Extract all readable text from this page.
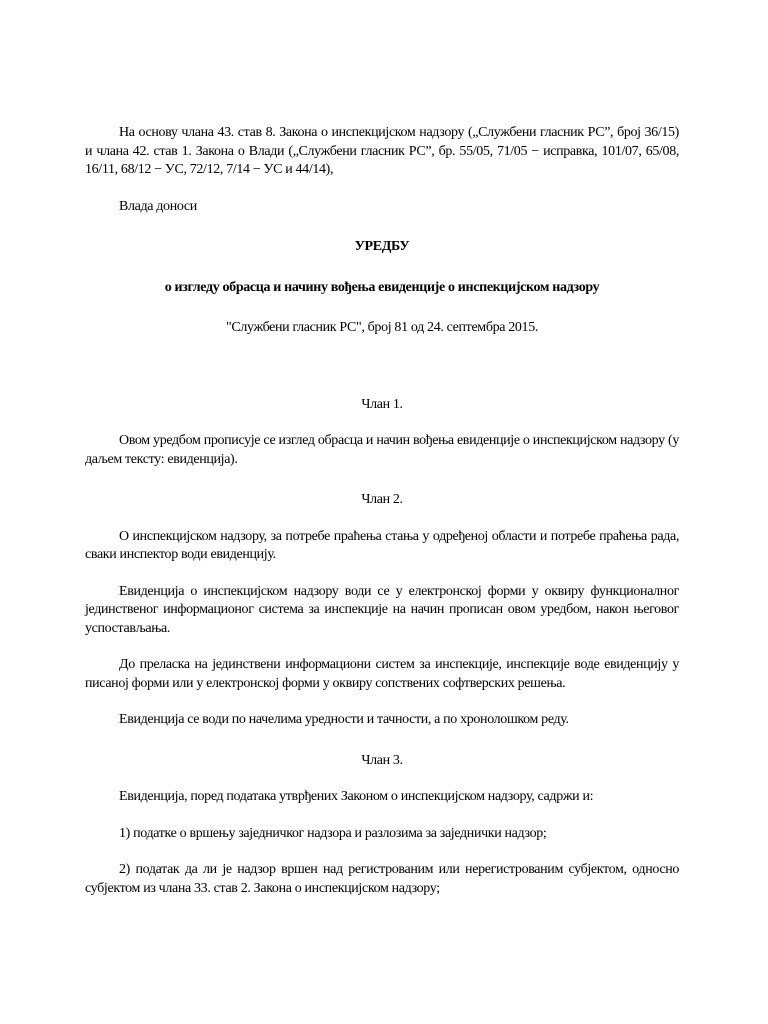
На основу члана 43. став 8. Закона о инспекцијском надзору („Службени гласник РС”, број 36/15) и члана 42. став 1. Закона о Влади („Службени гласник РС”, бр. 55/05, 71/05 − исправка, 101/07, 65/08, 16/11, 68/12 − УС, 72/12, 7/14 − УС и 44/14),

Влада доноси

УРЕДБУ

о изгледу обрасца и начину вођења евиденције о инспекцијском надзору

"Службени гласник РС", број 81 од 24. септембра 2015.

Члан 1.

Овом уредбом прописује се изглед обрасца и начин вођења евиденције о инспекцијском надзору (у даљем тексту: евиденција).

Члан 2.

О инспекцијском надзору, за потребе праћења стања у одређеној области и потребе праћења рада, сваки инспектор води евиденцију.

Евиденција о инспекцијском надзору води се у електронској форми у оквиру функционалног јединственог информационог система за инспекције на начин прописан овом уредбом, након његовог успостављања.

До преласка на јединствени информациони систем за инспекције, инспекције воде евиденцију у писаној форми или у електронској форми у оквиру сопствених софтверских решења.

Евиденција се води по начелима уредности и тачности, а по хронолошком реду.

Члан 3.

Евиденција, поред података утврђених Законом о инспекцијском надзору, садржи и:

1) податке о вршењу заједничког надзора и разлозима за заједнички надзор;

2) податак да ли је надзор вршен над регистрованим или нерегистрованим субјектом, односно субјектом из члана 33. став 2. Закона о инспекцијском надзору;
